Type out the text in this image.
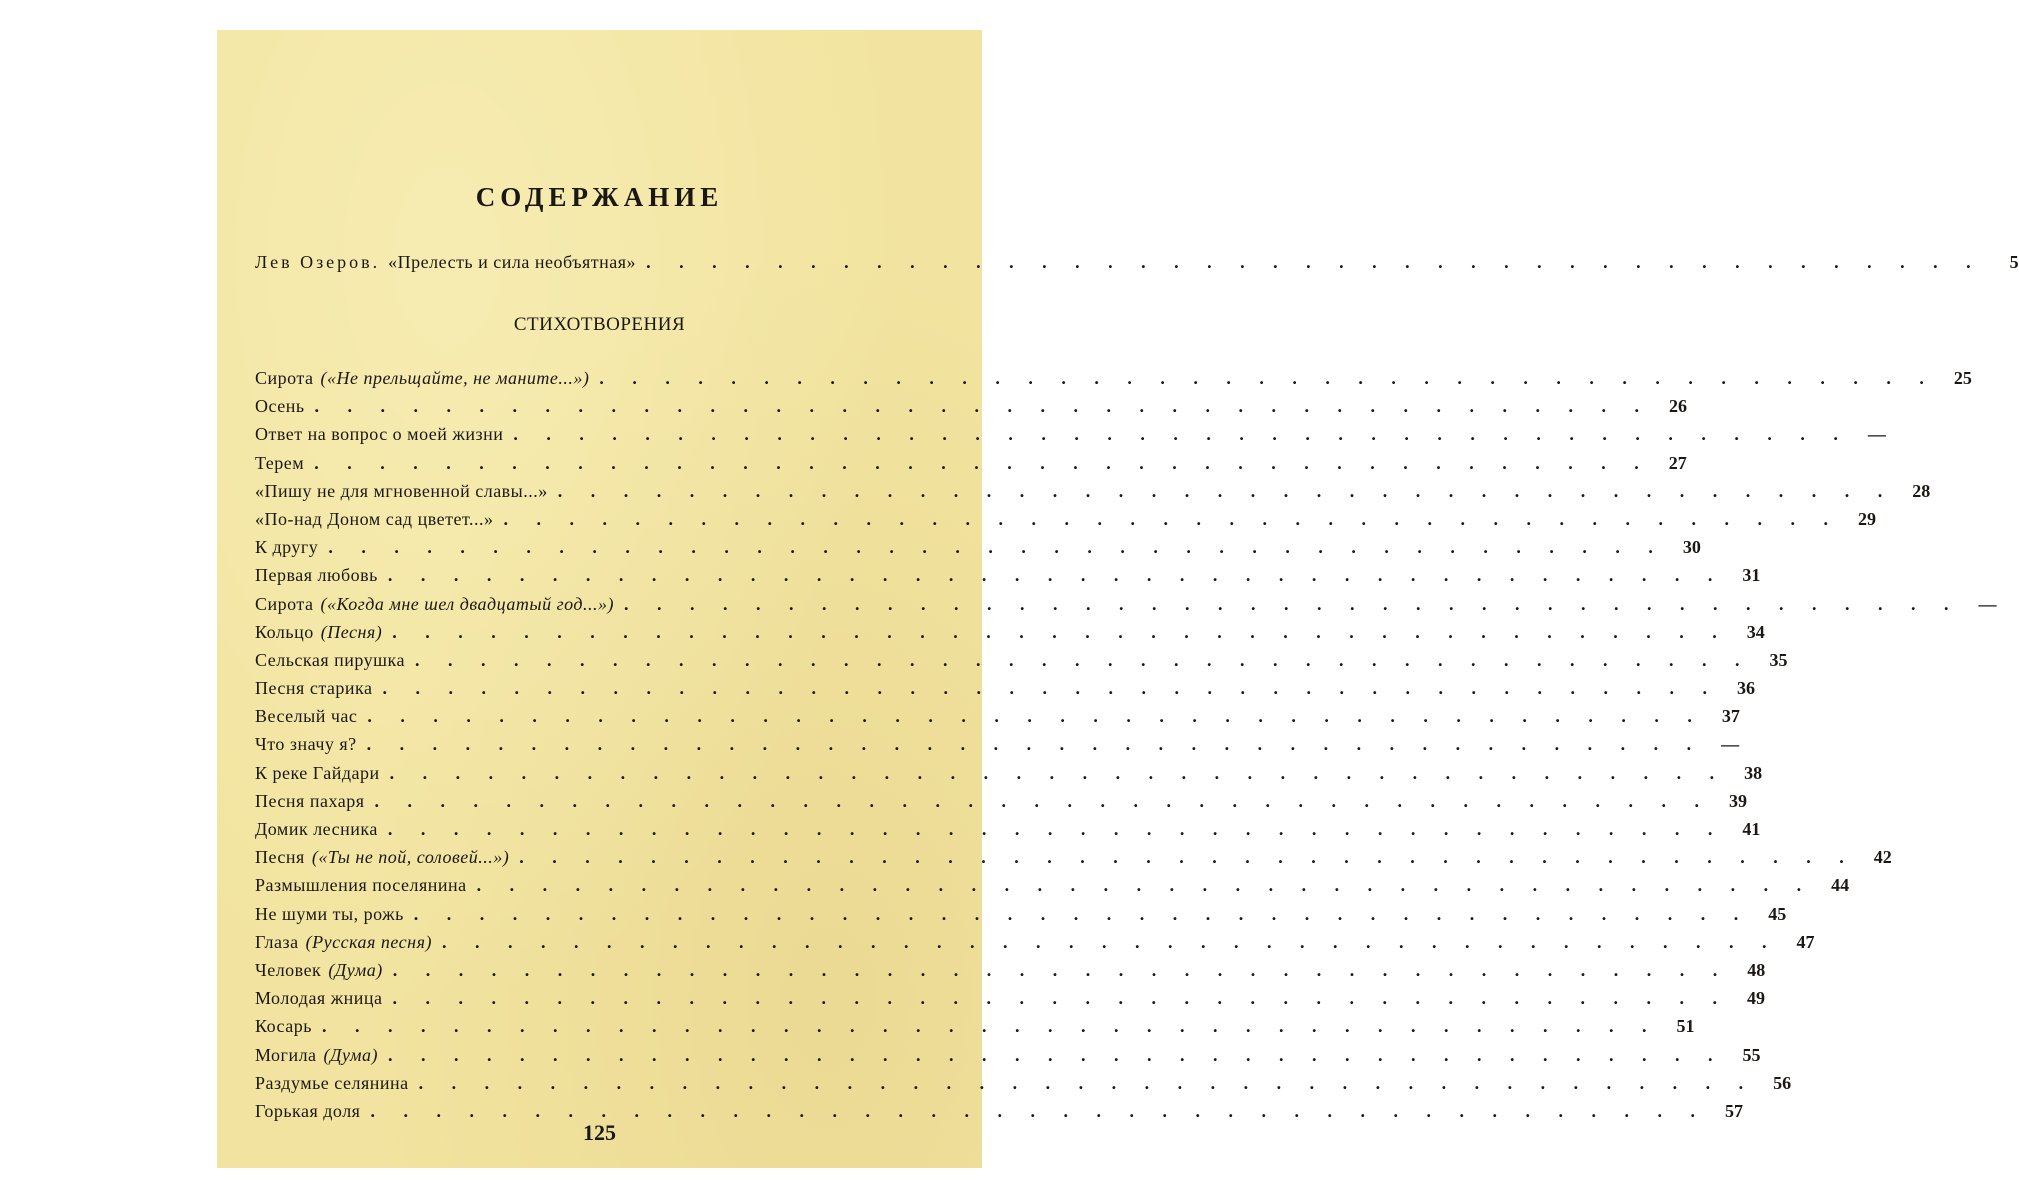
СОДЕРЖАНИЕ
Лев Озеров. «Прелесть и сила необъятная» . . . . . . . . . . . . . . . . . . . . . . . . . . . . . . . . . . . . . . . . .	5
СТИХОТВОРЕНИЯ
Сирота («Не прельщайте, не маните...») . . . . . . . . . . . . . . . . . . . . . . . . . . . . . . . . . . . . . . . . .	25
Осень . . . . . . . . . . . . . . . . . . . . . . . . . . . . . . . . . . . . . . . . .	26
Ответ на вопрос о моей жизни . . . . . . . . . . . . . . . . . . . . . . . . . . . . . . . . . . . . . . . . .	—
Терем . . . . . . . . . . . . . . . . . . . . . . . . . . . . . . . . . . . . . . . . .	27
«Пишу не для мгновенной славы...» . . . . . . . . . . . . . . . . . . . . . . . . . . . . . . . . . . . . . . . . .	28
«По-над Доном сад цветет...» . . . . . . . . . . . . . . . . . . . . . . . . . . . . . . . . . . . . . . . . .	29
К другу . . . . . . . . . . . . . . . . . . . . . . . . . . . . . . . . . . . . . . . . .	30
Первая любовь . . . . . . . . . . . . . . . . . . . . . . . . . . . . . . . . . . . . . . . . .	31
Сирота («Когда мне шел двадцатый год...») . . . . . . . . . . . . . . . . . . . . . . . . . . . . . . . . . . . . . . . . .	—
Кольцо (Песня) . . . . . . . . . . . . . . . . . . . . . . . . . . . . . . . . . . . . . . . . .	34
Сельская пирушка . . . . . . . . . . . . . . . . . . . . . . . . . . . . . . . . . . . . . . . . .	35
Песня старика . . . . . . . . . . . . . . . . . . . . . . . . . . . . . . . . . . . . . . . . .	36
Веселый час . . . . . . . . . . . . . . . . . . . . . . . . . . . . . . . . . . . . . . . . .	37
Что значу я? . . . . . . . . . . . . . . . . . . . . . . . . . . . . . . . . . . . . . . . . .	—
К реке Гайдари . . . . . . . . . . . . . . . . . . . . . . . . . . . . . . . . . . . . . . . . .	38
Песня пахаря . . . . . . . . . . . . . . . . . . . . . . . . . . . . . . . . . . . . . . . . .	39
Домик лесника . . . . . . . . . . . . . . . . . . . . . . . . . . . . . . . . . . . . . . . . .	41
Песня («Ты не пой, соловей...») . . . . . . . . . . . . . . . . . . . . . . . . . . . . . . . . . . . . . . . . .	42
Размышления поселянина . . . . . . . . . . . . . . . . . . . . . . . . . . . . . . . . . . . . . . . . .	44
Не шуми ты, рожь . . . . . . . . . . . . . . . . . . . . . . . . . . . . . . . . . . . . . . . . .	45
Глаза (Русская песня) . . . . . . . . . . . . . . . . . . . . . . . . . . . . . . . . . . . . . . . . .	47
Человек (Дума) . . . . . . . . . . . . . . . . . . . . . . . . . . . . . . . . . . . . . . . . .	48
Молодая жница . . . . . . . . . . . . . . . . . . . . . . . . . . . . . . . . . . . . . . . . .	49
Косарь . . . . . . . . . . . . . . . . . . . . . . . . . . . . . . . . . . . . . . . . .	51
Могила (Дума) . . . . . . . . . . . . . . . . . . . . . . . . . . . . . . . . . . . . . . . . .	55
Раздумье селянина . . . . . . . . . . . . . . . . . . . . . . . . . . . . . . . . . . . . . . . . .	56
Горькая доля . . . . . . . . . . . . . . . . . . . . . . . . . . . . . . . . . . . . . . . . .	57
125
